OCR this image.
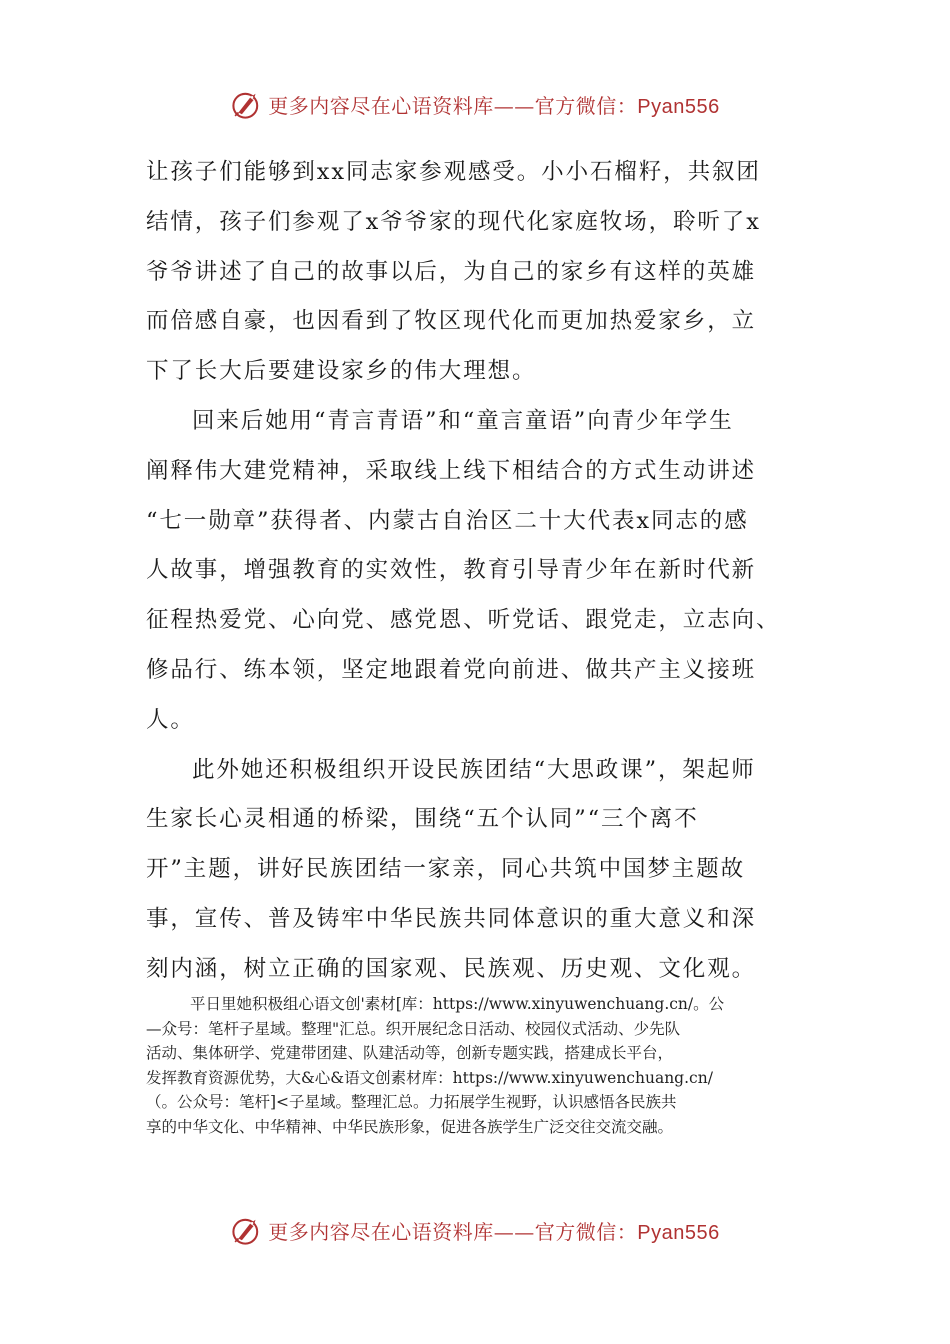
更多内容尽在心语资料库——官方微信：Pyan556

让孩子们能够到xx同志家参观感受。小小石榴籽，共叙团
结情，孩子们参观了x爷爷家的现代化家庭牧场，聆听了x
爷爷讲述了自己的故事以后，为自己的家乡有这样的英雄
而倍感自豪，也因看到了牧区现代化而更加热爱家乡，立
下了长大后要建设家乡的伟大理想。

回来后她用“青言青语”和“童言童语”向青少年学生
阐释伟大建党精神，采取线上线下相结合的方式生动讲述
“七一勋章”获得者、内蒙古自治区二十大代表x同志的感
人故事，增强教育的实效性，教育引导青少年在新时代新
征程热爱党、心向党、感党恩、听党话、跟党走，立志向、
修品行、练本领，坚定地跟着党向前进、做共产主义接班
人。

此外她还积极组织开设民族团结“大思政课”，架起师
生家长心灵相通的桥梁，围绕“五个认同”“三个离不
开”主题，讲好民族团结一家亲，同心共筑中国梦主题故
事，宣传、普及铸牢中华民族共同体意识的重大意义和深
刻内涵，树立正确的国家观、民族观、历史观、文化观。

平日里她积极组心语文创'素材[库：https://www.xinyuwenchuang.cn/。公
—众号：笔杆子星域。整理"汇总。织开展纪念日活动、校园仪式活动、少先队
活动、集体研学、党建带团建、队建活动等，创新专题实践，搭建成长平台，
发挥教育资源优势，大&心&语文创素材库：https://www.xinyuwenchuang.cn/
（。公众号：笔杆]<子星域。整理汇总。力拓展学生视野，认识感悟各民族共
享的中华文化、中华精神、中华民族形象，促进各族学生广泛交往交流交融。
更多内容尽在心语资料库——官方微信：Pyan556
